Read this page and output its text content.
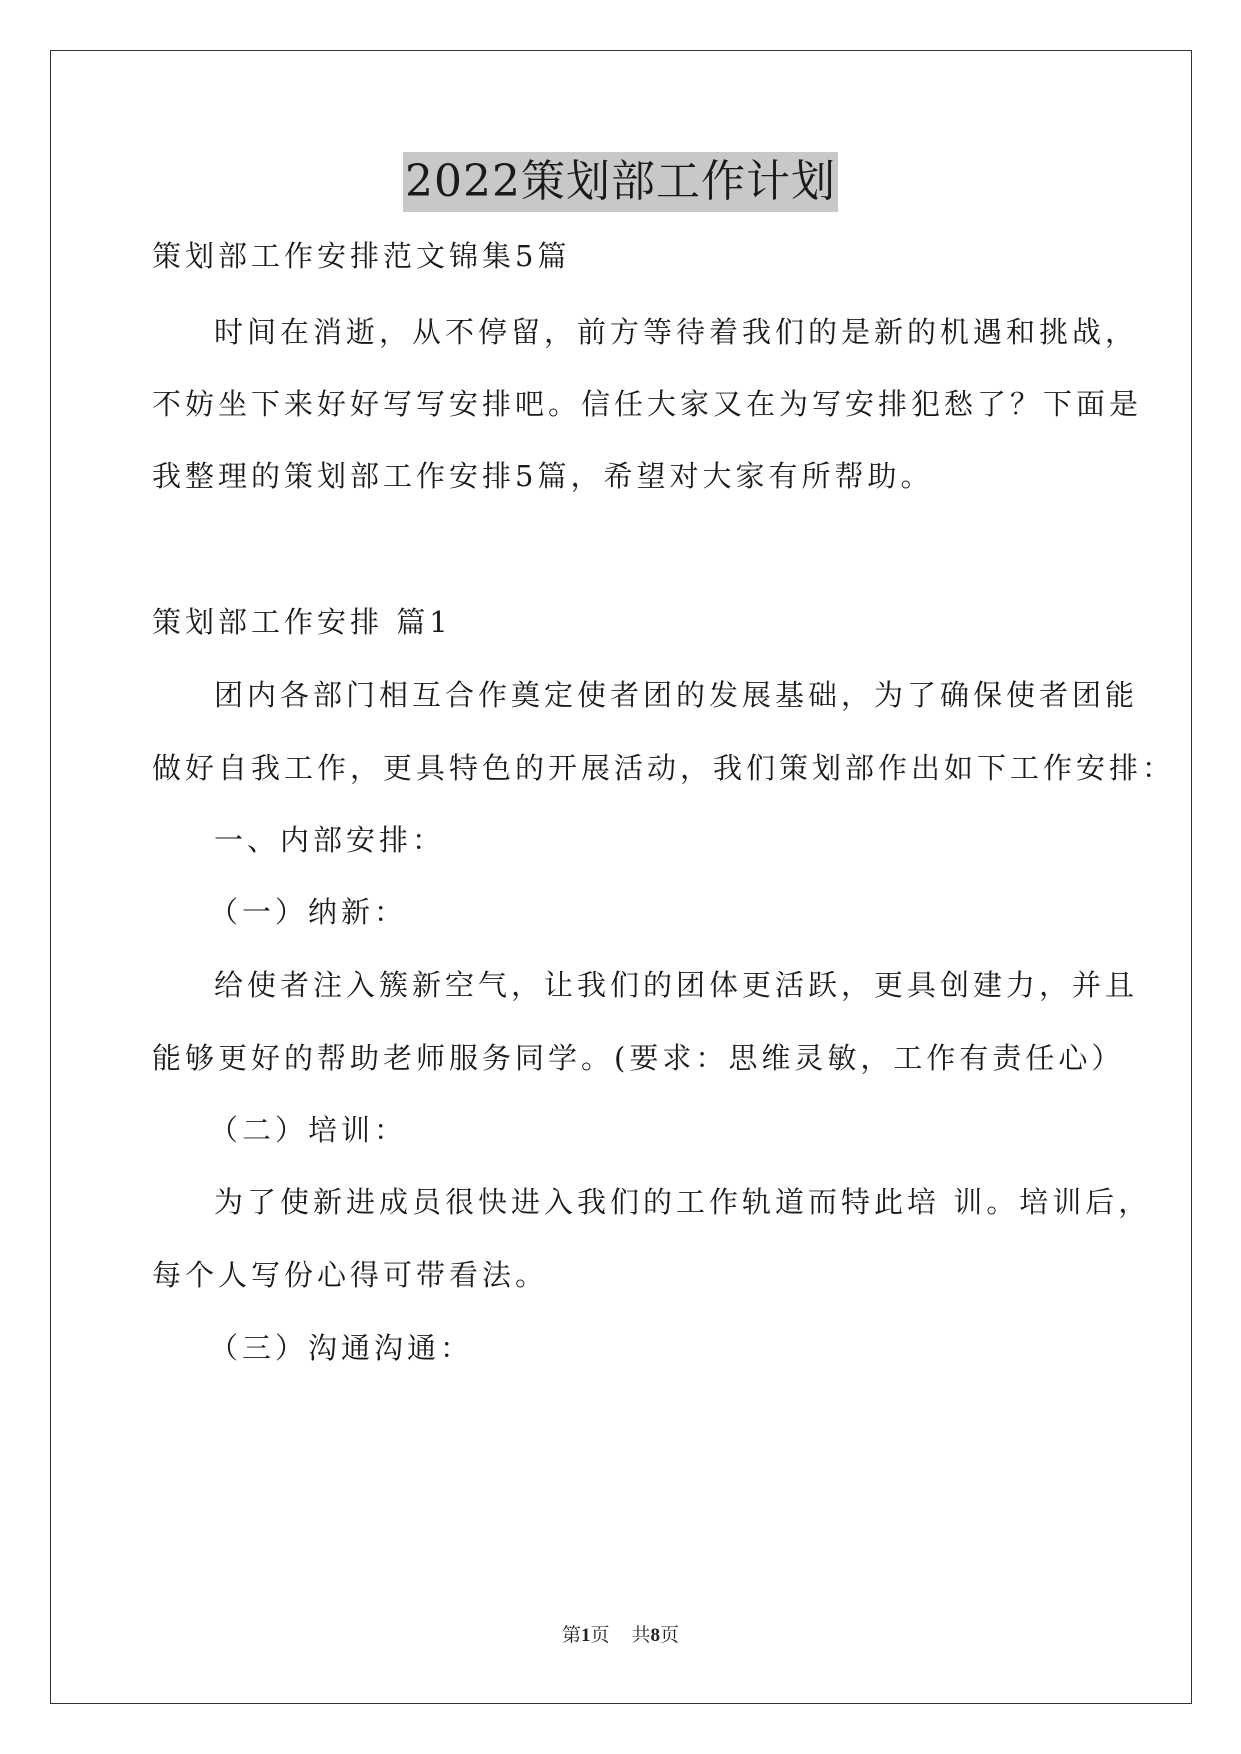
2022策划部工作计划
策划部工作安排范文锦集5篇
时间在消逝，从不停留，前方等待着我们的是新的机遇和挑战，
不妨坐下来好好写写安排吧。信任大家又在为写安排犯愁了？下面是
我整理的策划部工作安排5篇，希望对大家有所帮助。
策划部工作安排 篇1
团内各部门相互合作奠定使者团的发展基础，为了确保使者团能
做好自我工作，更具特色的开展活动，我们策划部作出如下工作安排：
一、内部安排：
（一）纳新：
给使者注入簇新空气，让我们的团体更活跃，更具创建力，并且
能够更好的帮助老师服务同学。(要求：思维灵敏，工作有责任心）
（二）培训：
为了使新进成员很快进入我们的工作轨道而特此培 训。培训后，
每个人写份心得可带看法。
（三）沟通沟通：
第1页 共8页
